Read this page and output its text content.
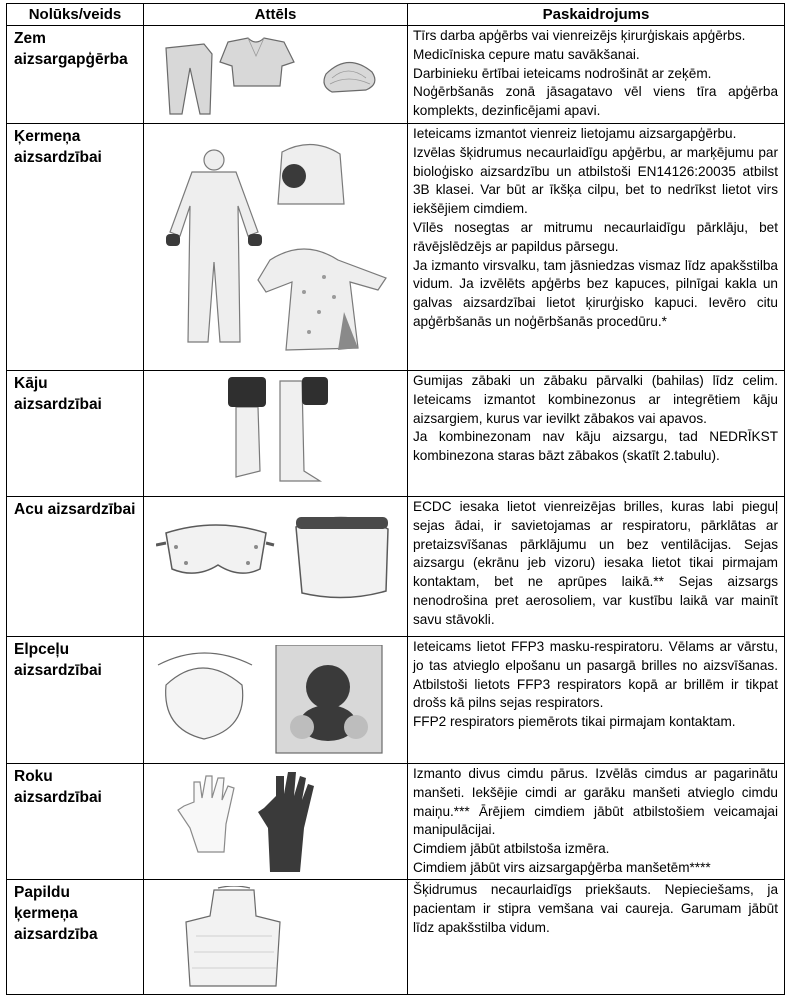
Nolūks/veids	Attēls	Paskaidrojums
Zem aizsargapģērba		Tīrs darba apģērbs vai vienreizējs ķirurģiskais apģērbs.

Medicīniska cepure matu savākšanai.

Darbinieku ērtībai ieteicams nodrošināt ar zeķēm.

Noģērbšanās zonā jāsagatavo vēl viens tīra apģērba komplekts, dezinficējami apavi.

Ķermeņa aizsardzībai		Ieteicams izmantot vienreiz lietojamu aizsargapģērbu.

Izvēlas šķidrumus necaurlaidīgu apģērbu, ar marķējumu par bioloģisko aizsardzību un atbilstoši EN14126:20035 atbilst 3B klasei. Var būt ar īkšķa cilpu, bet to nedrīkst lietot virs iekšējiem cimdiem.

Vīlēs nosegtas ar mitrumu necaurlaidīgu pārklāju, bet rāvējslēdzējs ar papildus pārsegu.

Ja izmanto virsvalku, tam jāsniedzas vismaz līdz apakšstilba vidum. Ja izvēlēts apģērbs bez kapuces, pilnīgai kakla un galvas aizsardzībai lietot ķirurģisko kapuci. Ievēro citu apģērbšanās un noģērbšanās procedūru.*

Kāju aizsardzībai		Gumijas zābaki un zābaku pārvalki (bahilas) līdz celim. Ieteicams izmantot kombinezonus ar integrētiem kāju aizsargiem, kurus var ievilkt zābakos vai apavos.

Ja kombinezonam nav kāju aizsargu, tad NEDRĪKST kombinezona staras bāzt zābakos (skatīt 2.tabulu).

Acu aizsardzībai		ECDC iesaka lietot vienreizējas brilles, kuras labi pieguļ sejas ādai, ir savietojamas ar respiratoru, pārklātas ar pretaizsvīšanas pārklājumu un bez ventilācijas. Sejas aizsargu (ekrānu jeb vizoru) iesaka lietot tikai pirmajam kontaktam, bet ne aprūpes laikā.** Sejas aizsargs nenodrošina pret aerosoliem, var kustību laikā var mainīt savu stāvokli.

Elpceļu aizsardzībai		Ieteicams lietot FFP3 masku-respiratoru. Vēlams ar vārstu, jo tas atvieglo elpošanu un pasargā brilles no aizsvīšanas. Atbilstoši lietots FFP3 respirators kopā ar brillēm ir tikpat drošs kā pilns sejas respirators.

FFP2 respirators piemērots tikai pirmajam kontaktam.

Roku aizsardzībai		Izmanto divus cimdu pārus. Izvēlās cimdus ar pagarinātu manšeti. Iekšējie cimdi ar garāku manšeti atvieglo cimdu maiņu.*** Ārējiem cimdiem jābūt atbilstošiem veicamajai manipulācijai.

Cimdiem jābūt atbilstoša izmēra.

Cimdiem jābūt virs aizsargapģērba manšetēm****

Papildu ķermeņa aizsardzība		Šķidrumus necaurlaidīgs priekšauts. Nepieciešams, ja pacientam ir stipra vemšana vai caureja. Garumam jābūt līdz apakšstilba vidum.
